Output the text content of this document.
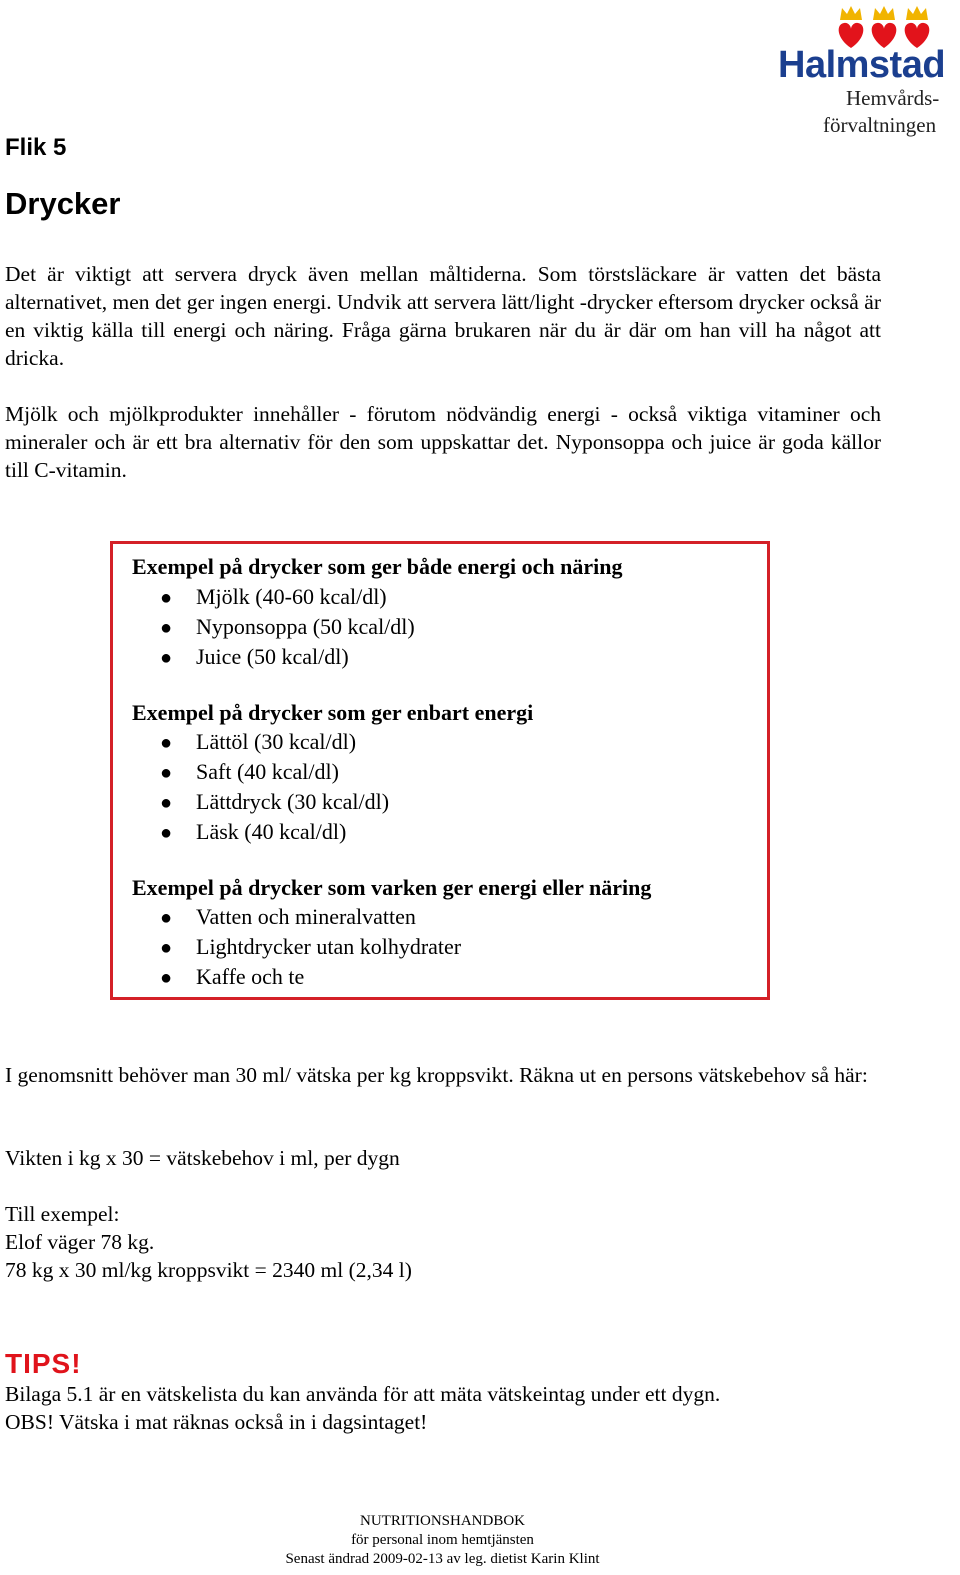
Halmstad
Hemvårds-
förvaltningen
Flik 5
Drycker

Det är viktigt att servera dryck även mellan måltiderna. Som törstsläckare är vatten det bästa alternativet, men det ger ingen energi. Undvik att servera lätt/light -drycker eftersom drycker också är en viktig källa till energi och näring. Fråga gärna brukaren när du är där om han vill ha något att dricka.

Mjölk och mjölkprodukter innehåller - förutom nödvändig energi - också viktiga vitaminer och mineraler och är ett bra alternativ för den som uppskattar det. Nyponsoppa och juice är goda källor till C-vitamin.

Exempel på drycker som ger både energi och näring
● Mjölk (40-60 kcal/dl)
● Nyponsoppa (50 kcal/dl)
● Juice (50 kcal/dl)
Exempel på drycker som ger enbart energi
● Lättöl (30 kcal/dl)
● Saft (40 kcal/dl)
● Lättdryck (30 kcal/dl)
● Läsk (40 kcal/dl)
Exempel på drycker som varken ger energi eller näring
● Vatten och mineralvatten
● Lightdrycker utan kolhydrater
● Kaffe och te

I genomsnitt behöver man 30 ml/ vätska per kg kroppsvikt. Räkna ut en persons vätskebehov så här:

Vikten i kg x 30 = vätskebehov i ml, per dygn
Till exempel:
Elof väger 78 kg.
78 kg x 30 ml/kg kroppsvikt = 2340 ml (2,34 l)
TIPS!
Bilaga 5.1 är en vätskelista du kan använda för att mäta vätskeintag under ett dygn.
OBS! Vätska i mat räknas också in i dagsintaget!
NUTRITIONSHANDBOK
för personal inom hemtjänsten
Senast ändrad 2009-02-13 av leg. dietist Karin Klint
